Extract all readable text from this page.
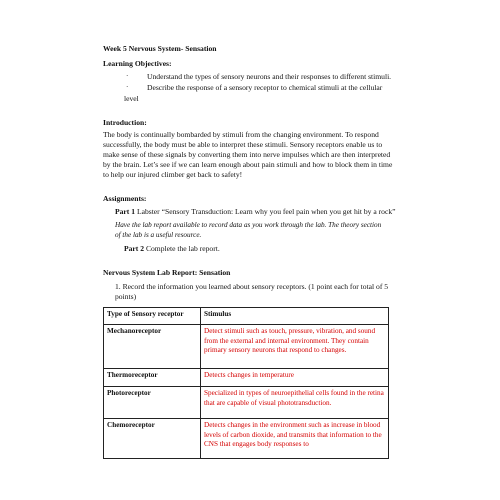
Week 5 Nervous System- Sensation
Learning Objectives:
· Understand the types of sensory neurons and their responses to different stimuli.
· Describe the response of a sensory receptor to chemical stimuli at the cellular
level
Introduction:
The body is continually bombarded by stimuli from the changing environment. To respond
successfully, the body must be able to interpret these stimuli. Sensory receptors enable us to
make sense of these signals by converting them into nerve impulses which are then interpreted
by the brain. Let’s see if we can learn enough about pain stimuli and how to block them in time
to help our injured climber get back to safety!
Assignments:
Part 1 Labster “Sensory Transduction: Learn why you feel pain when you get hit by a rock”
Have the lab report available to record data as you work through the lab. The theory section
of the lab is a useful resource.
Part 2 Complete the lab report.
Nervous System Lab Report: Sensation
1. Record the information you learned about sensory receptors. (1 point each for total of 5
points)
Type of Sensory receptor	Stimulus
Mechanoreceptor	Detect stimuli such as touch, pressure, vibration, and sound from the external and internal environment. They contain primary sensory neurons that respond to changes.
Thermoreceptor	Detects changes in temperature
Photoreceptor	Specialized in types of neuroepithelial cells found in the retina that are capable of visual phototransduction.
Chemoreceptor	Detects changes in the environment such as increase in blood levels of carbon dioxide, and transmits that information to the CNS that engages body responses to
